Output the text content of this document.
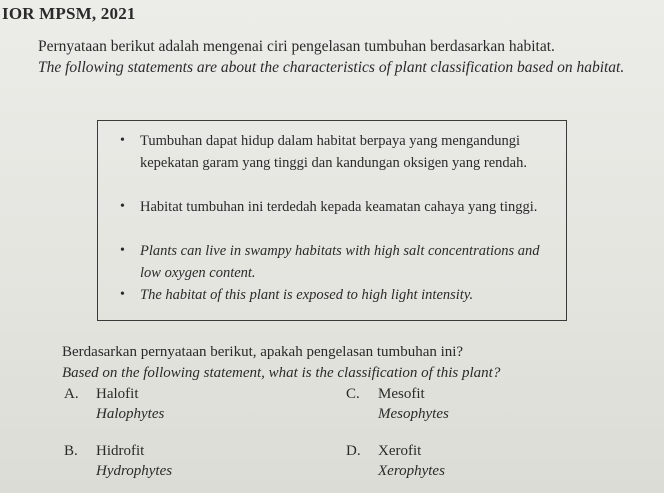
IOR MPSM, 2021
Pernyataan berikut adalah mengenai ciri pengelasan tumbuhan berdasarkan habitat.
The following statements are about the characteristics of plant classification based on habitat.
• Tumbuhan dapat hidup dalam habitat berpaya yang mengandungi kepekatan garam yang tinggi dan kandungan oksigen yang rendah.
• Habitat tumbuhan ini terdedah kepada keamatan cahaya yang tinggi.
• Plants can live in swampy habitats with high salt concentrations and low oxygen content.
• The habitat of this plant is exposed to high light intensity.
Berdasarkan pernyataan berikut, apakah pengelasan tumbuhan ini?
Based on the following statement, what is the classification of this plant?
A. Halofit
Halophytes
C. Mesofit
Mesophytes
B. Hidrofit
Hydrophytes
D. Xerofit
Xerophytes
